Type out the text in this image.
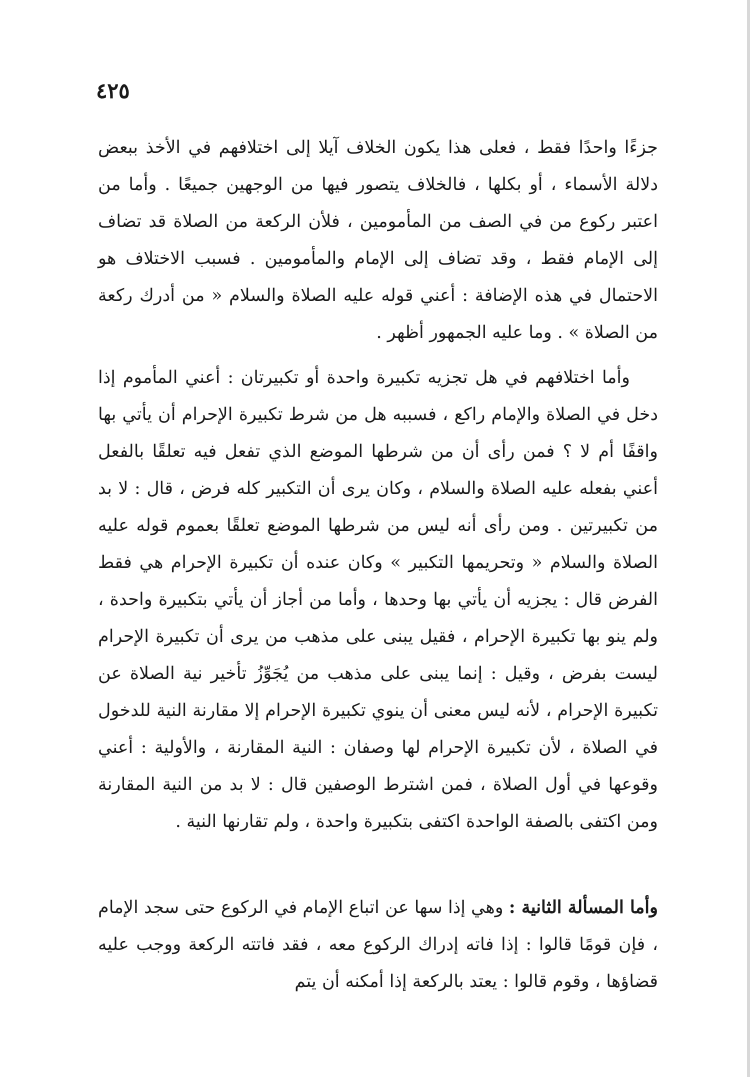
٤٢٥

جزءًا واحدًا فقط ، فعلى هذا يكون الخلاف آيلا إلى اختلافهم في الأخذ ببعض دلالة الأسماء ، أو بكلها ، فالخلاف يتصور فيها من الوجهين جميعًا . وأما من اعتبر ركوع من في الصف من المأمومين ، فلأن الركعة من الصلاة قد تضاف إلى الإمام فقط ، وقد تضاف إلى الإمام والمأمومين . فسبب الاختلاف هو الاحتمال في هذه الإضافة : أعني قوله عليه الصلاة والسلام « من أدرك ركعة من الصلاة » . وما عليه الجمهور أظهر .

وأما اختلافهم في هل تجزيه تكبيرة واحدة أو تكبيرتان : أعني المأموم إذا دخل في الصلاة والإمام راكع ، فسببه هل من شرط تكبيرة الإحرام أن يأتي بها واقفًا أم لا ؟ فمن رأى أن من شرطها الموضع الذي تفعل فيه تعلقًا بالفعل أعني بفعله عليه الصلاة والسلام ، وكان يرى أن التكبير كله فرض ، قال : لا بد من تكبيرتين . ومن رأى أنه ليس من شرطها الموضع تعلقًا بعموم قوله عليه الصلاة والسلام « وتحريمها التكبير » وكان عنده أن تكبيرة الإحرام هي فقط الفرض قال : يجزيه أن يأتي بها وحدها ، وأما من أجاز أن يأتي بتكبيرة واحدة ، ولم ينو بها تكبيرة الإحرام ، فقيل يبنى على مذهب من يرى أن تكبيرة الإحرام ليست بفرض ، وقيل : إنما يبنى على مذهب من يُجَوِّزُ تأخير نية الصلاة عن تكبيرة الإحرام ، لأنه ليس معنى أن ينوي تكبيرة الإحرام إلا مقارنة النية للدخول في الصلاة ، لأن تكبيرة الإحرام لها وصفان : النية المقارنة ، والأولية : أعني وقوعها في أول الصلاة ، فمن اشترط الوصفين قال : لا بد من النية المقارنة ومن اكتفى بالصفة الواحدة اكتفى بتكبيرة واحدة ، ولم تقارنها النية .

وأما المسألة الثانية : وهي إذا سها عن اتباع الإمام في الركوع حتى سجد الإمام ، فإن قومًا قالوا : إذا فاته إدراك الركوع معه ، فقد فاتته الركعة ووجب عليه قضاؤها ، وقوم قالوا : يعتد بالركعة إذا أمكنه أن يتم
